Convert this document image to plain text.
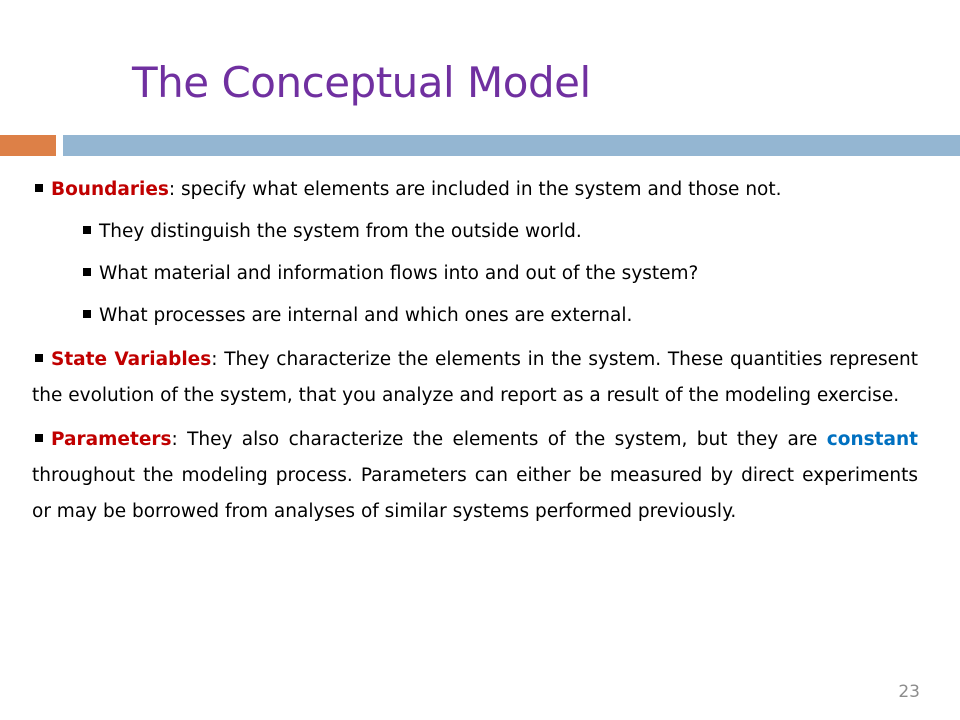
The Conceptual Model
Boundaries: specify what elements are included in the system and those not.
They distinguish the system from the outside world.
What material and information flows into and out of the system?
What processes are internal and which ones are external.
State Variables: They characterize the elements in the system. These quantities represent the evolution of the system, that you analyze and report as a result of the modeling exercise.
Parameters: They also characterize the elements of the system, but they are constant throughout the modeling process. Parameters can either be measured by direct experiments or may be borrowed from analyses of similar systems performed previously.
23
